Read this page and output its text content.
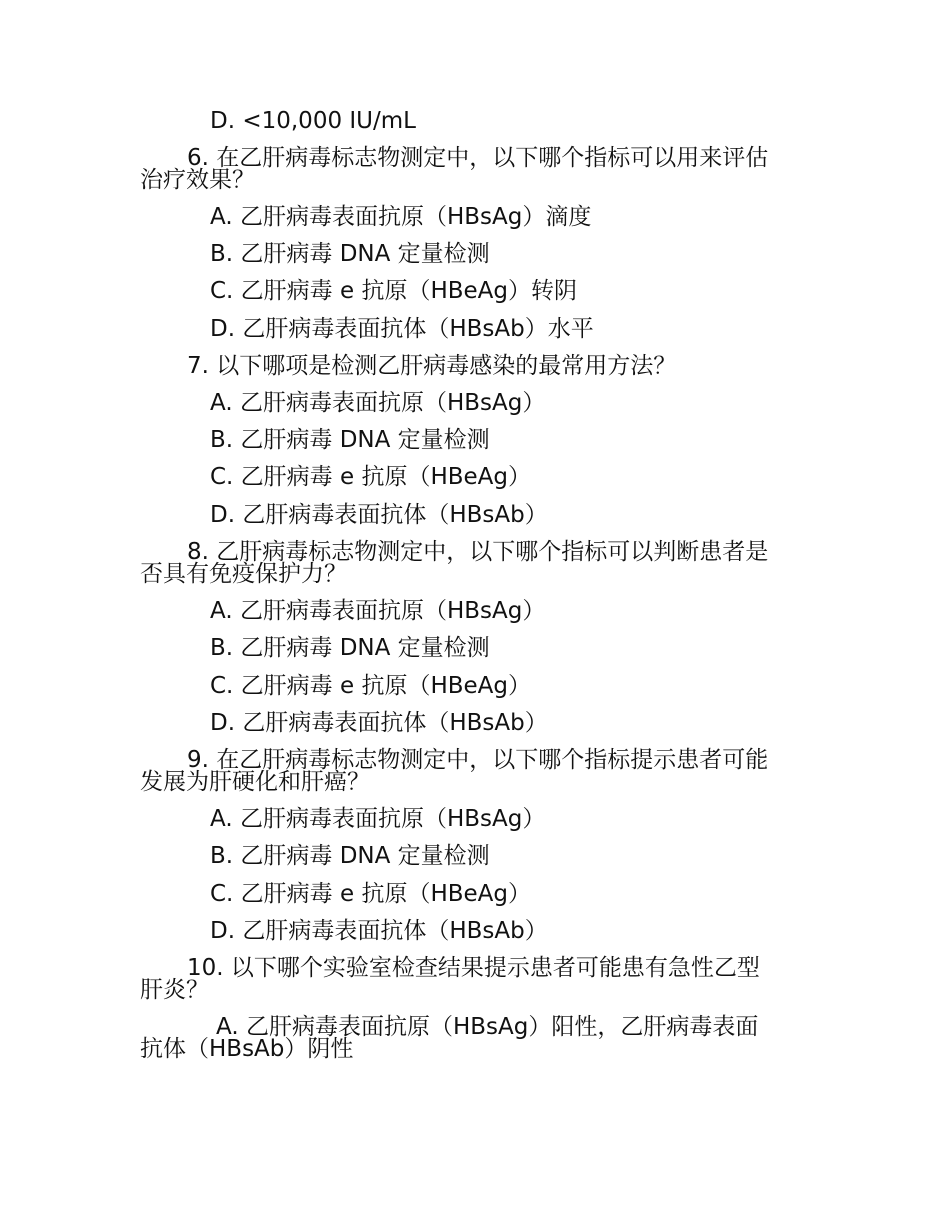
D. <10,000 IU/mL
6. 在乙肝病毒标志物测定中，以下哪个指标可以用来评估
治疗效果？
A. 乙肝病毒表面抗原（HBsAg）滴度
B. 乙肝病毒 DNA 定量检测
C. 乙肝病毒 e 抗原（HBeAg）转阴
D. 乙肝病毒表面抗体（HBsAb）水平
7. 以下哪项是检测乙肝病毒感染的最常用方法？
A. 乙肝病毒表面抗原（HBsAg）
B. 乙肝病毒 DNA 定量检测
C. 乙肝病毒 e 抗原（HBeAg）
D. 乙肝病毒表面抗体（HBsAb）
8. 乙肝病毒标志物测定中，以下哪个指标可以判断患者是
否具有免疫保护力？
A. 乙肝病毒表面抗原（HBsAg）
B. 乙肝病毒 DNA 定量检测
C. 乙肝病毒 e 抗原（HBeAg）
D. 乙肝病毒表面抗体（HBsAb）
9. 在乙肝病毒标志物测定中，以下哪个指标提示患者可能
发展为肝硬化和肝癌？
A. 乙肝病毒表面抗原（HBsAg）
B. 乙肝病毒 DNA 定量检测
C. 乙肝病毒 e 抗原（HBeAg）
D. 乙肝病毒表面抗体（HBsAb）
10. 以下哪个实验室检查结果提示患者可能患有急性乙型
肝炎？
A. 乙肝病毒表面抗原（HBsAg）阳性，乙肝病毒表面
抗体（HBsAb）阴性
